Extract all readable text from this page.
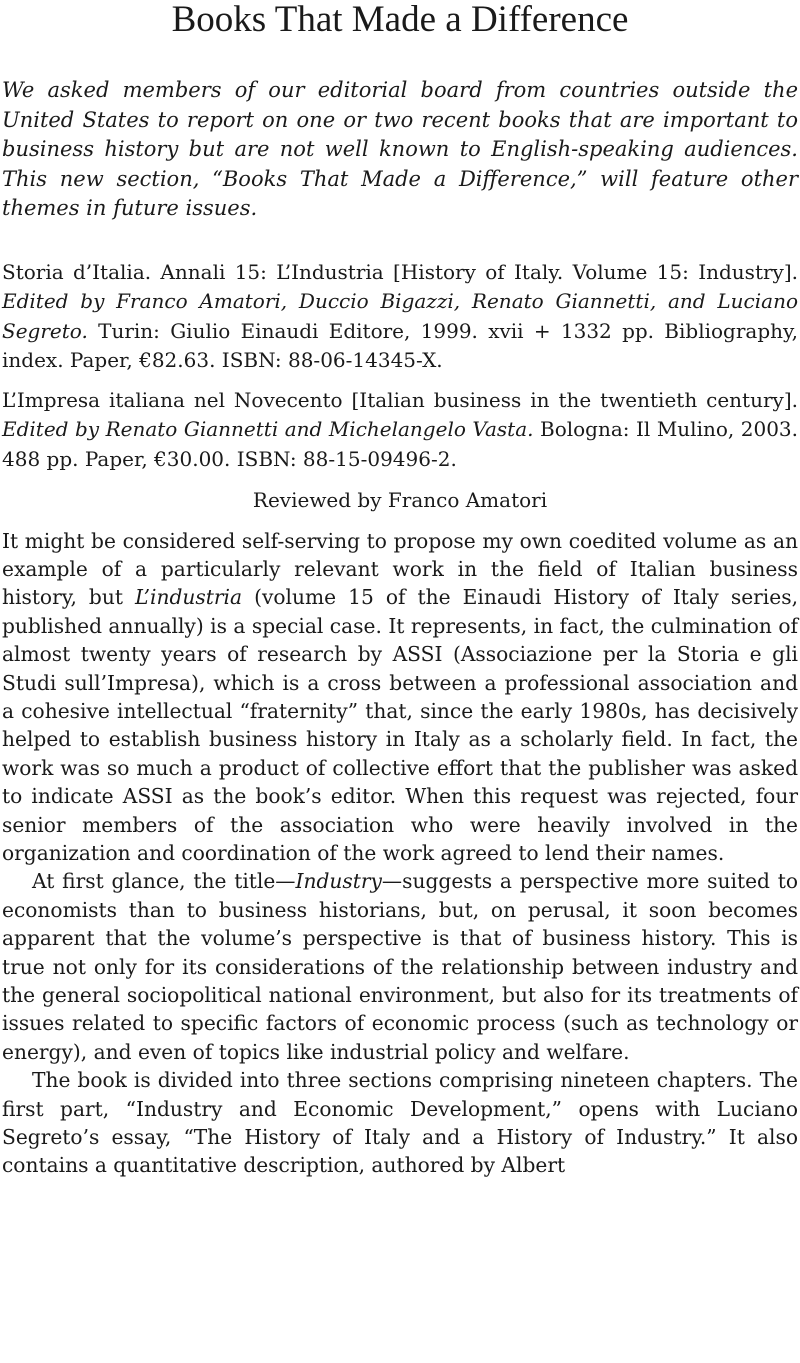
Books That Made a Difference

We asked members of our editorial board from countries outside the United States to report on one or two recent books that are important to business history but are not well known to English-speaking audiences. This new section, “Books That Made a Difference,” will feature other themes in future issues.

Storia d’Italia. Annali 15: L’Industria [History of Italy. Volume 15: Industry]. Edited by Franco Amatori, Duccio Bigazzi, Renato Giannetti, and Luciano Segreto. Turin: Giulio Einaudi Editore, 1999. xvii + 1332 pp. Bibliography, index. Paper, €82.63. ISBN: 88-06-14345-X.

L’Impresa italiana nel Novecento [Italian business in the twentieth century]. Edited by Renato Giannetti and Michelangelo Vasta. Bologna: Il Mulino, 2003. 488 pp. Paper, €30.00. ISBN: 88-15-09496-2.

Reviewed by Franco Amatori

It might be considered self-serving to propose my own coedited volume as an example of a particularly relevant work in the field of Italian business history, but L’industria (volume 15 of the Einaudi History of Italy series, published annually) is a special case. It represents, in fact, the culmination of almost twenty years of research by ASSI (Associazione per la Storia e gli Studi sull’Impresa), which is a cross between a professional association and a cohesive intellectual “fraternity” that, since the early 1980s, has decisively helped to establish business history in Italy as a scholarly field. In fact, the work was so much a product of collective effort that the publisher was asked to indicate ASSI as the book’s editor. When this request was rejected, four senior members of the association who were heavily involved in the organization and coordination of the work agreed to lend their names.

At first glance, the title—Industry—suggests a perspective more suited to economists than to business historians, but, on perusal, it soon becomes apparent that the volume’s perspective is that of business history. This is true not only for its considerations of the relationship between industry and the general sociopolitical national environment, but also for its treatments of issues related to specific factors of economic process (such as technology or energy), and even of topics like industrial policy and welfare.

The book is divided into three sections comprising nineteen chapters. The first part, “Industry and Economic Development,” opens with Luciano Segreto’s essay, “The History of Italy and a History of Industry.” It also contains a quantitative description, authored by Albert
